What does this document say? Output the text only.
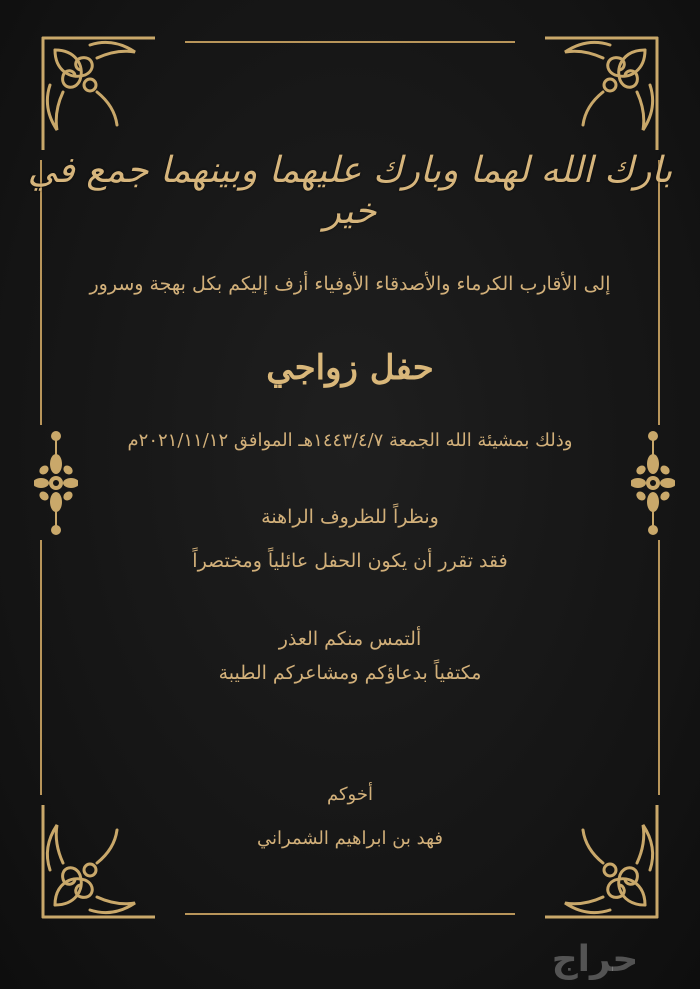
بارك الله لهما وبارك عليهما وبينهما جمع في خير
إلى الأقارب الكرماء والأصدقاء الأوفياء أزف إليكم بكل بهجة وسرور
حفل زواجي
وذلك بمشيئة الله الجمعة ١٤٤٣/٤/٧هـ الموافق ٢٠٢١/١١/١٢م
ونظراً للظروف الراهنة
فقد تقرر أن يكون الحفل عائلياً ومختصراً
ألتمس منكم العذر
مكتفياً بدعاؤكم ومشاعركم الطيبة
أخوكم
فهد بن ابراهيم الشمراني
حراج
